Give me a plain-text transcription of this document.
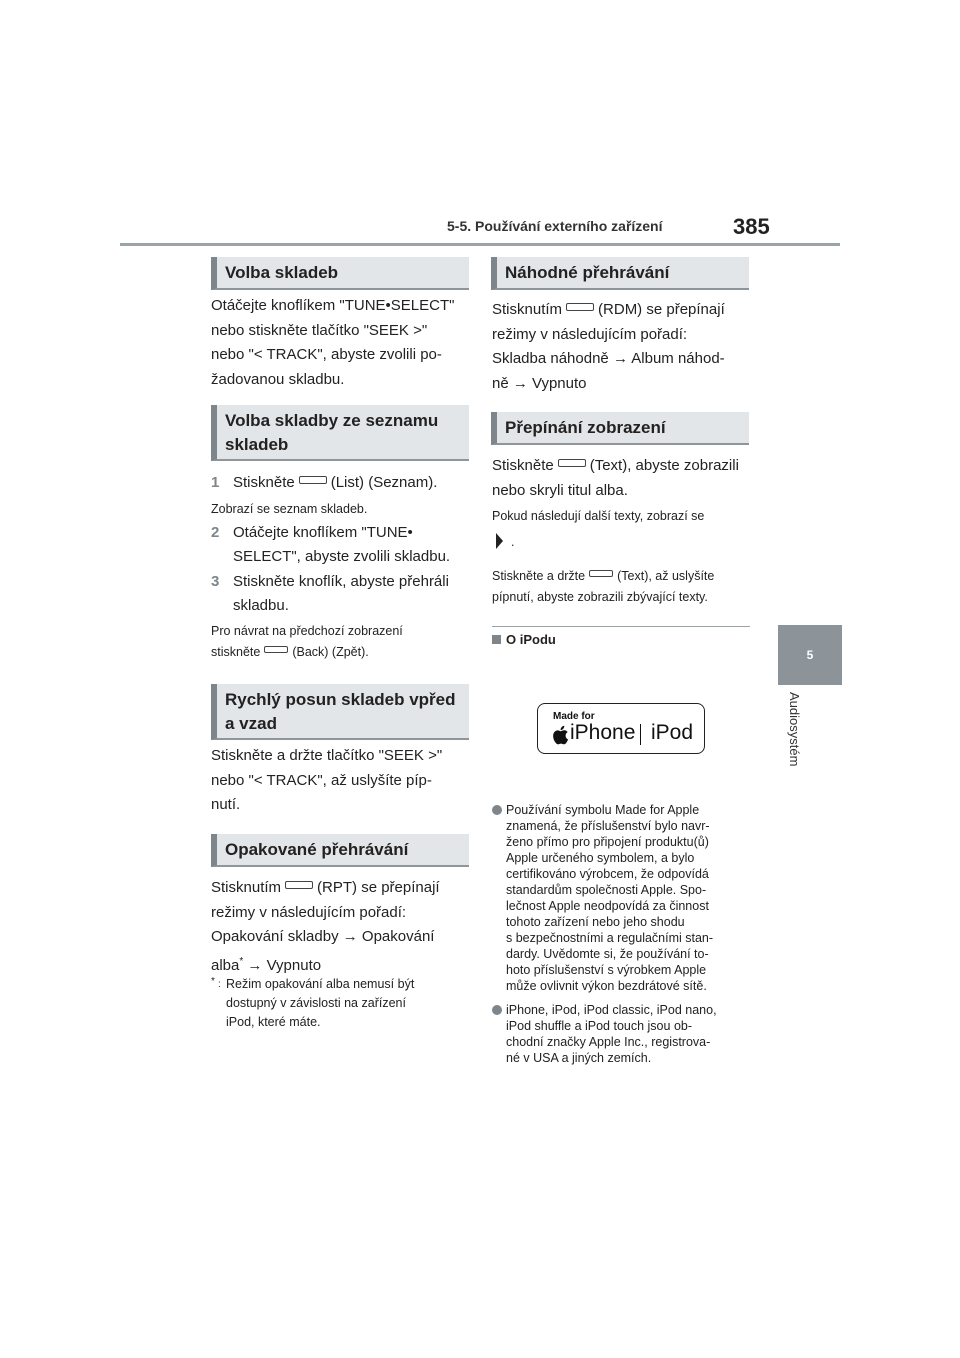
5-5. Používání externího zařízení	385
5
Audiosystém
Volba skladeb
Otáčejte knoflíkem "TUNE•SELECT"
nebo stiskněte tlačítko "SEEK >"
nebo "< TRACK", abyste zvolili po-
žadovanou skladbu.
Volba skladby ze seznamu
skladeb
1 Stiskněte (List) (Seznam).
Zobrazí se seznam skladeb.
2 Otáčejte knoflíkem "TUNE•
SELECT", abyste zvolili skladbu.
3 Stiskněte knoflík, abyste přehráli
skladbu.
Pro návrat na předchozí zobrazení
stiskněte	(Back) (Zpět).
Rychlý posun skladeb vpřed
a vzad
Stiskněte a držte tlačítko "SEEK >"
nebo "< TRACK", až uslyšíte píp-
nutí.
Opakované přehrávání
Stisknutím (RPT) se přepínají
režimy v následujícím pořadí:
Opakování skladby → Opakování
alba* → Vypnuto
* : Režim opakování alba nemusí být
dostupný v závislosti na zařízení
iPod, které máte.
Náhodné přehrávání
Stisknutím (RDM) se přepínají
režimy v následujícím pořadí:
Skladba náhodně → Album náhod-
ně → Vypnuto
Přepínání zobrazení
Stiskněte (Text), abyste zobrazili
nebo skryli titul alba.
Pokud následují další texty, zobrazí se
.
Stiskněte a držte	(Text), až uslyšíte
pípnutí, abyste zobrazili zbývající texty.
O iPodu
Made for
iPhone iPod
Používání symbolu Made for Apple
znamená, že příslušenství bylo navr-
ženo přímo pro připojení produktu(ů)
Apple určeného symbolem, a bylo
certifikováno výrobcem, že odpovídá
standardům společnosti Apple. Spo-
lečnost Apple neodpovídá za činnost
tohoto zařízení nebo jeho shodu
s bezpečnostními a regulačními stan-
dardy. Uvědomte si, že používání to-
hoto příslušenství s výrobkem Apple
může ovlivnit výkon bezdrátové sítě.
iPhone, iPod, iPod classic, iPod nano,
iPod shuffle a iPod touch jsou ob-
chodní značky Apple Inc., registrova-
né v USA a jiných zemích.
